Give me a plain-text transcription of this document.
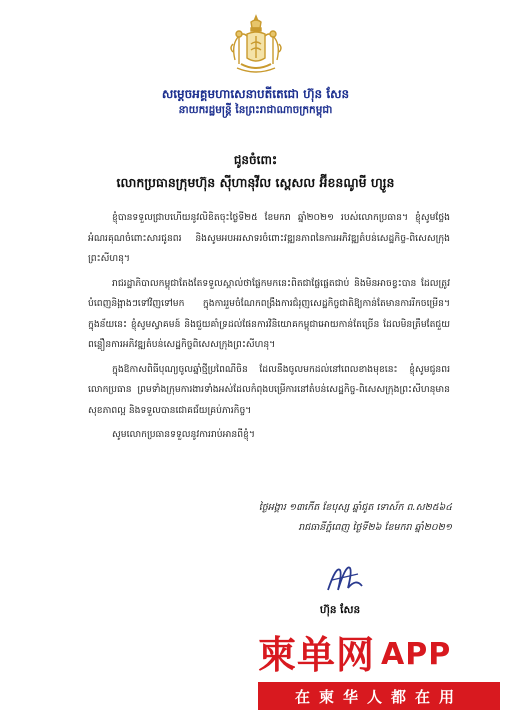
សម្តេចអគ្គមហាសេនាបតីតេជោ ហ៊ុន សែន
នាយករដ្ឋមន្ត្រី នៃព្រះរាជាណាចក្រកម្ពុជា
ជូនចំពោះ
លោកប្រធានក្រុមហ៊ុន ស៊ីហានុវីល ស្ពេសល អ៊ីខនណូមី ហ្សូន

ខ្ញុំបានទទួលជ្រាបហើយនូវលិខិតចុះថ្ងៃទី២៥ ខែមករា ឆ្នាំ២០២១ របស់លោកប្រធាន។ ខ្ញុំសូមថ្លែងអំណរគុណចំពោះសារជូនពរ និងសូមអបអរសាទរចំពោះវឌ្ឍនភាពនៃការអភិវឌ្ឍតំបន់សេដ្ឋកិច្ច-ពិសេសក្រុងព្រះសីហនុ។

រាជរដ្ឋាភិបាលកម្ពុជាតែងតែទទួលស្គាល់ថាផ្លែកមកនេះពិតជាផ្លែផ្លេតជាប់ និងមិនអាចខ្វះបាន ដែលត្រូវបំពេញនិង្អាងៗទៅវិញទៅមក ក្នុងការរួមចំណែកពង្រឹងការជំរុញសេដ្ឋកិច្ចជាតិឱ្យកាន់តែមានការរីកចម្រើន។ ក្នុងន័យនេះ ខ្ញុំសូមស្វាគមន៍ និងជួយគាំទ្រដល់ផែនការវិនិយោគកម្ពុជាអោយកាន់តែច្រើន ដែលមិនត្រឹមតែជួយពន្លឿនការអភិវឌ្ឍតំបន់សេដ្ឋកិច្ចពិសេសក្រុងព្រះសីហនុ។

ក្នុងឱកាសពិធីបុណ្យចូលឆ្នាំថ្មីប្រពៃណីចិន ដែលនឹងចូលមកដល់នៅពេលខាងមុខនេះ ខ្ញុំសូមជូនពរលោកប្រធាន ព្រមទាំងក្រុមការងារទាំងអស់ដែលកំពុងបម្រើការនៅតំបន់សេដ្ឋកិច្ច-ពិសេសក្រុងព្រះសីហនុមានសុខភាពល្អ និងទទួលបានជោគជ័យគ្រប់ភារកិច្ច។

សូមលោកប្រធានទទួលនូវការរាប់អានពីខ្ញុំ។

ថ្ងៃអង្គារ ១៣កើត ខែបុស្ស ឆ្នាំជូត ទោស័ក ព.ស២៥៦៤
រាជធានីភ្នំពេញ ថ្ងៃទី២៦ ខែមករា ឆ្នាំ២០២១
ហ៊ុន សែន
柬单网 APP
在柬华人都在用
